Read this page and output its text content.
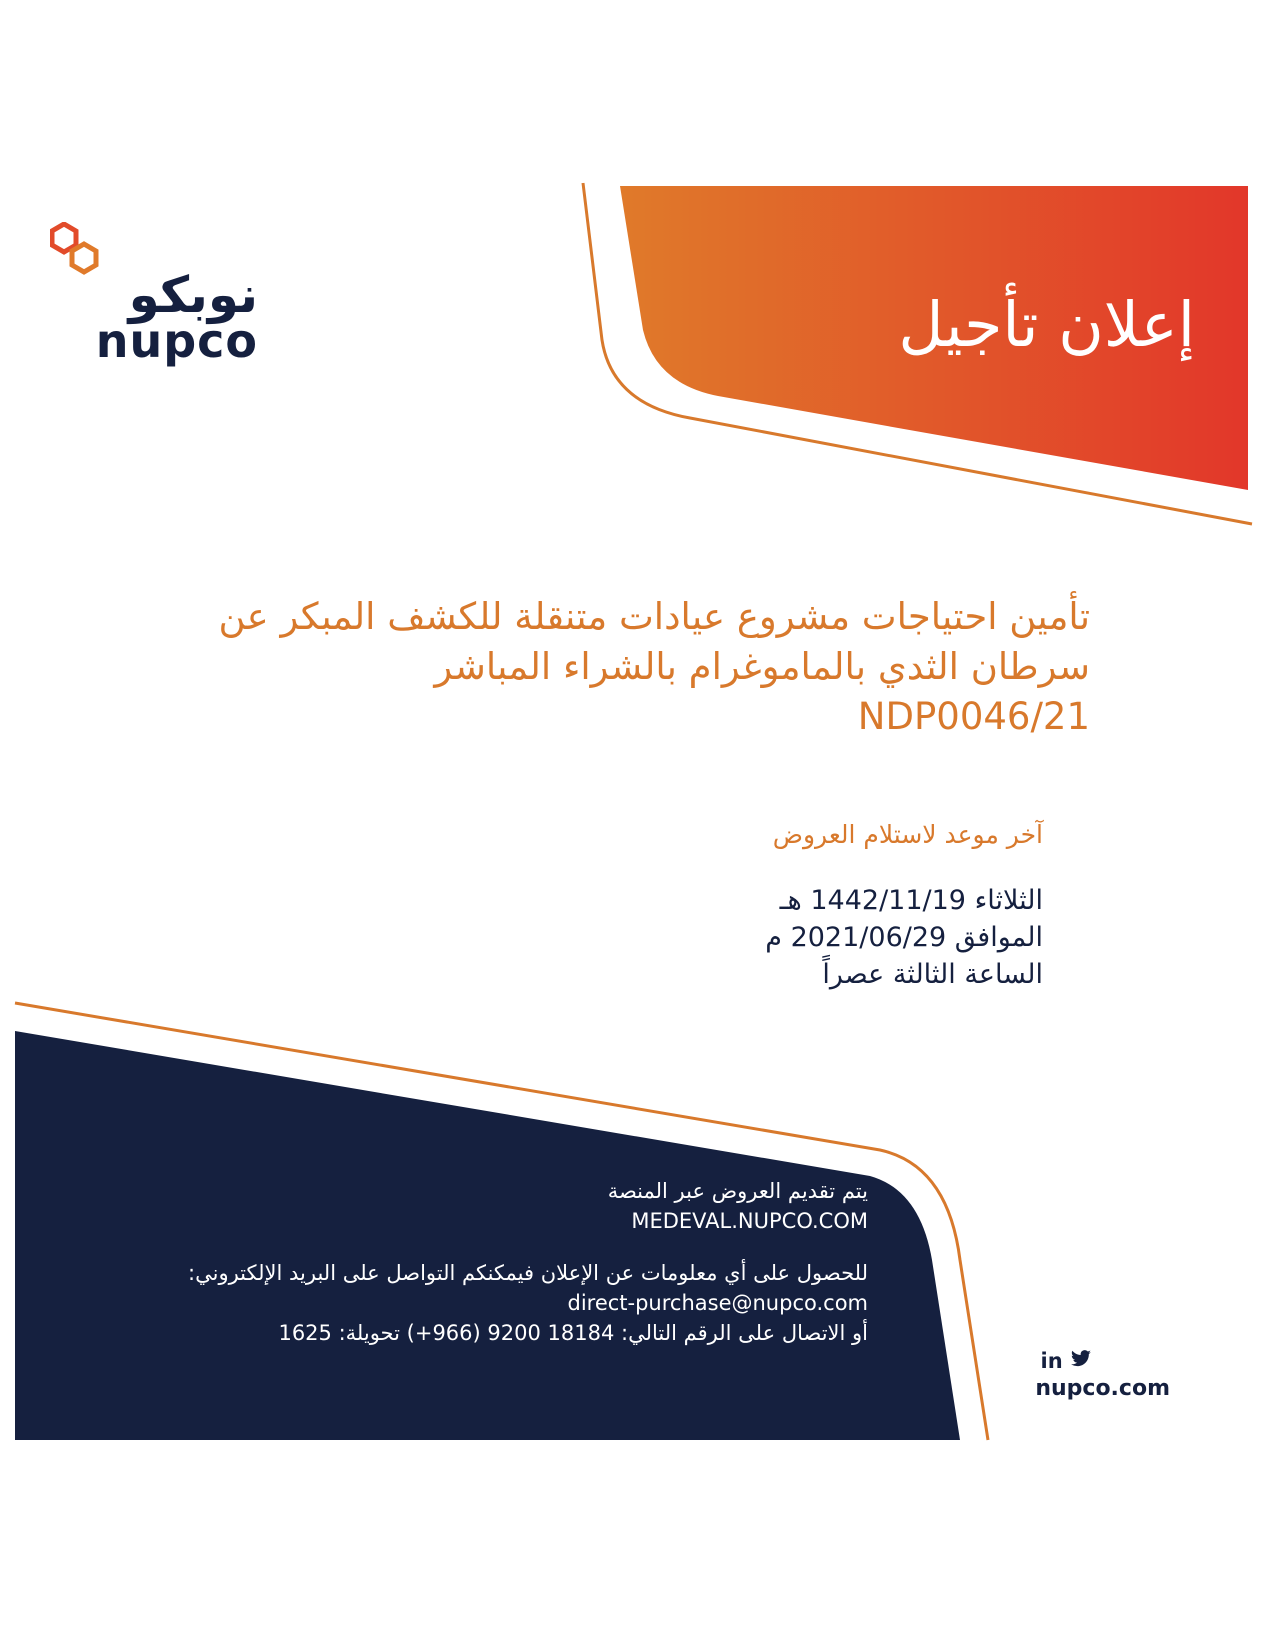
نوبكو
nupco	إعلان تأجيل
تأمين احتياجات مشروع عيادات متنقلة للكشف المبكر عن
سرطان الثدي بالماموغرام بالشراء المباشر
NDP0046/21
آخر موعد لاستلام العروض
الثلاثاء 1442/11/19 هـ
الموافق 2021/06/29 م
الساعة الثالثة عصراً
يتم تقديم العروض عبر المنصة
MEDEVAL.NUPCO.COM
للحصول على أي معلومات عن الإعلان فيمكنكم التواصل على البريد الإلكتروني:
direct-purchase@nupco.com
أو الاتصال على الرقم التالي: 18184 9200 (966+) تحويلة: 1625
in
nupco.com
